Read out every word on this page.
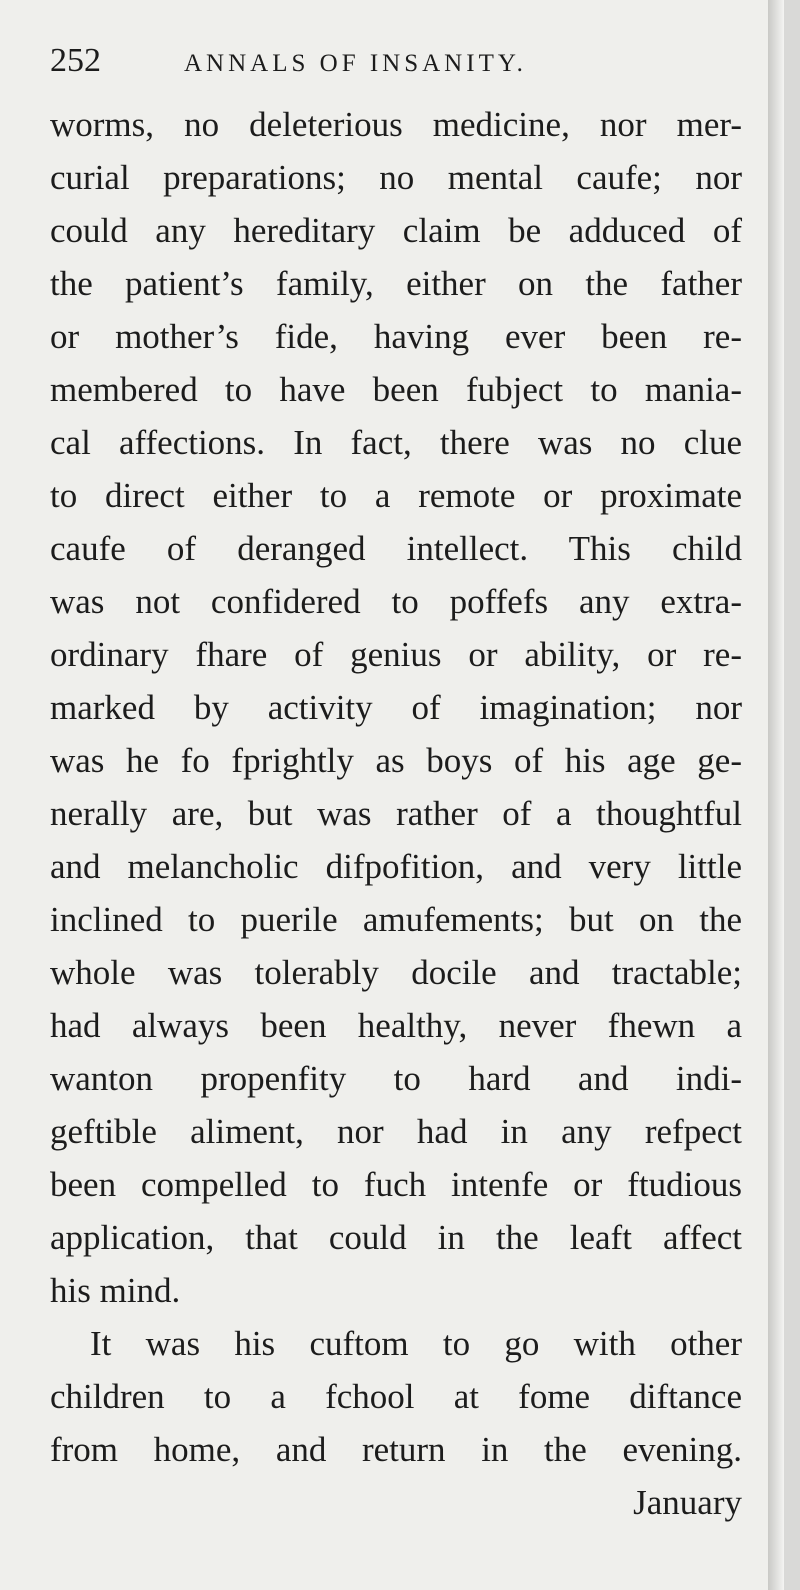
252	ANNALS OF INSANITY.
worms, no deleterious medicine, nor mer-
curial preparations; no mental caufe; nor
could any hereditary claim be adduced of
the patient’s family, either on the father
or mother’s fide, having ever been re-
membered to have been fubject to mania-
cal affections. In fact, there was no clue
to direct either to a remote or proximate
caufe of deranged intellect. This child
was not confidered to poffefs any extra-
ordinary fhare of genius or ability, or re-
marked by activity of imagination; nor
was he fo fprightly as boys of his age ge-
nerally are, but was rather of a thoughtful
and melancholic difpofition, and very little
inclined to puerile amufements; but on the
whole was tolerably docile and tractable;
had always been healthy, never fhewn a
wanton propenfity to hard and indi-
geftible aliment, nor had in any refpect
been compelled to fuch intenfe or ftudious
application, that could in the leaft affect
his mind.
It was his cuftom to go with other
children to a fchool at fome diftance
from home, and return in the evening.
January
